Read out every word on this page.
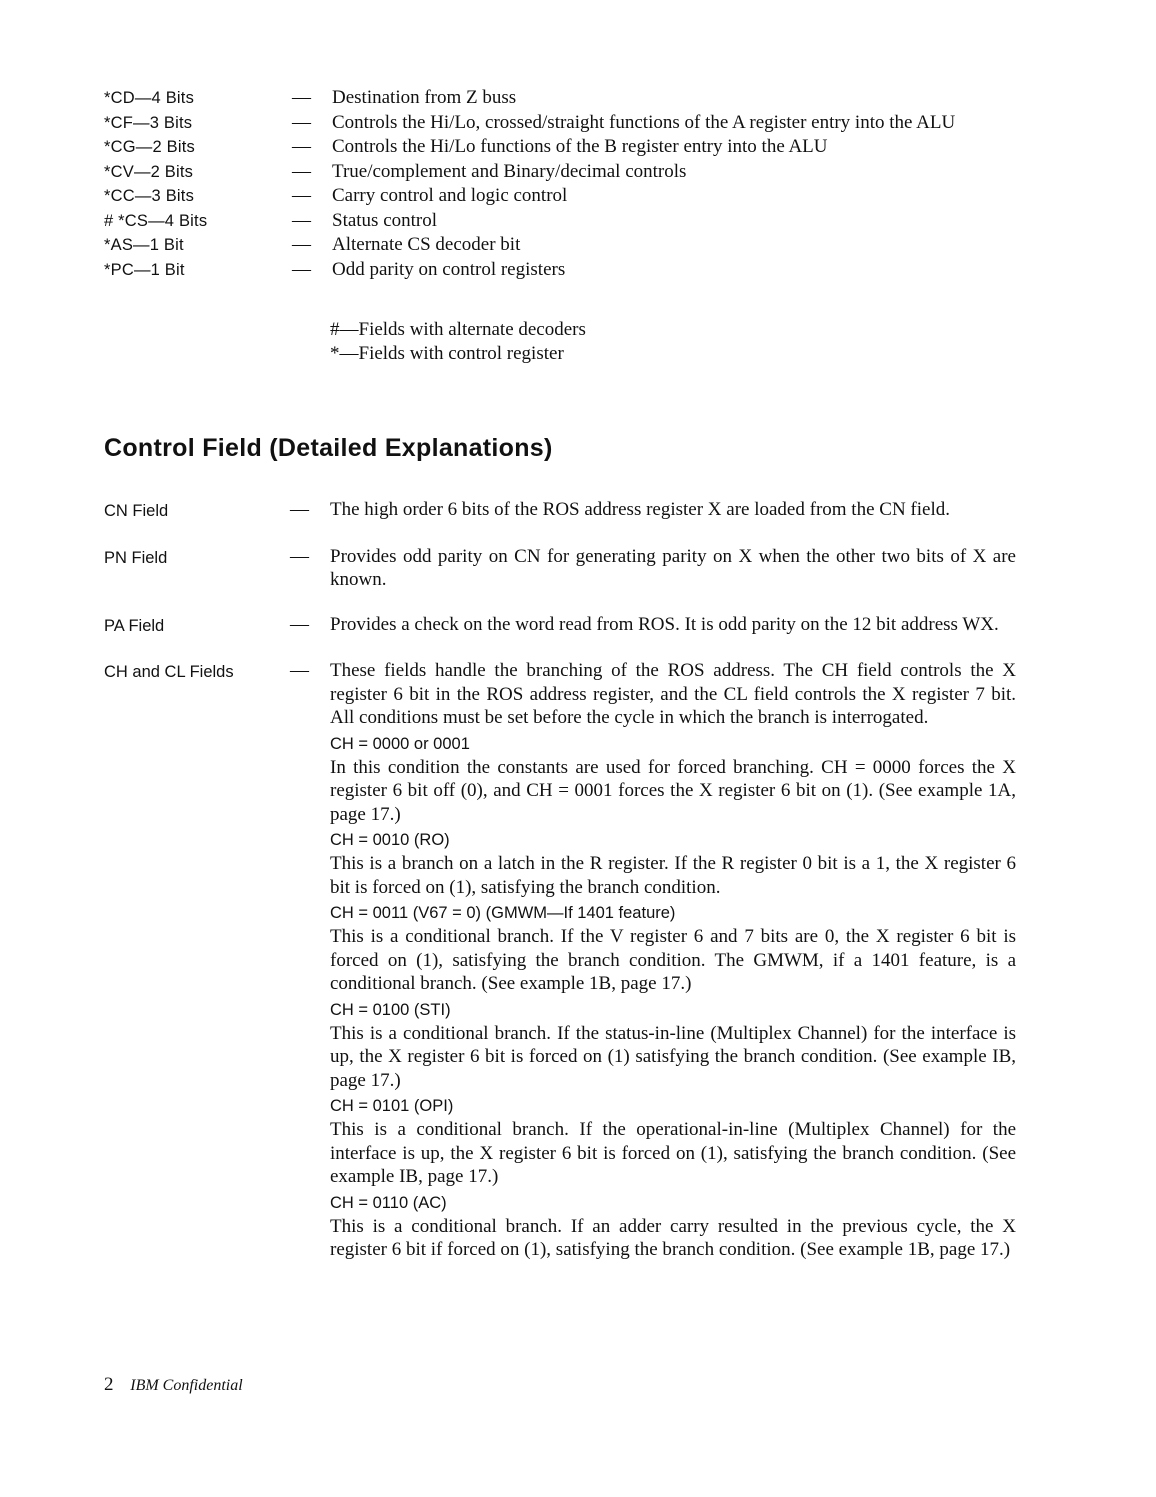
*CD—4 Bits	—	Destination from Z buss
*CF—3 Bits	—	Controls the Hi/Lo, crossed/straight functions of the A register entry into the ALU
*CG—2 Bits	—	Controls the Hi/Lo functions of the B register entry into the ALU
*CV—2 Bits	—	True/complement and Binary/decimal controls
*CC—3 Bits	—	Carry control and logic control
# *CS—4 Bits	—	Status control
*AS—1 Bit	—	Alternate CS decoder bit
*PC—1 Bit	—	Odd parity on control registers
#—Fields with alternate decoders
*—Fields with control register
Control Field (Detailed Explanations)
CN Field	—	The high order 6 bits of the ROS address register X are loaded from the CN field.
PN Field	—	Provides odd parity on CN for generating parity on X when the other two bits of X are known.
PA Field	—	Provides a check on the word read from ROS. It is odd parity on the 12 bit address WX.
CH and CL Fields	—	These fields handle the branching of the ROS address. The CH field controls the X register 6 bit in the ROS address register, and the CL field controls the X register 7 bit. All conditions must be set before the cycle in which the branch is interrogated.
CH = 0000 or 0001
In this condition the constants are used for forced branching. CH = 0000 forces the X register 6 bit off (0), and CH = 0001 forces the X register 6 bit on (1). (See example 1A, page 17.)
CH = 0010 (RO)
This is a branch on a latch in the R register. If the R register 0 bit is a 1, the X register 6 bit is forced on (1), satisfying the branch condition.
CH = 0011 (V67 = 0) (GMWM—If 1401 feature)
This is a conditional branch. If the V register 6 and 7 bits are 0, the X register 6 bit is forced on (1), satisfying the branch condition. The GMWM, if a 1401 feature, is a conditional branch. (See example 1B, page 17.)
CH = 0100 (STI)
This is a conditional branch. If the status-in-line (Multiplex Channel) for the interface is up, the X register 6 bit is forced on (1) satisfying the branch condition. (See example IB, page 17.)
CH = 0101 (OPI)
This is a conditional branch. If the operational-in-line (Multiplex Channel) for the interface is up, the X register 6 bit is forced on (1), satisfying the branch condition. (See example IB, page 17.)
CH = 0110 (AC)
This is a conditional branch. If an adder carry resulted in the previous cycle, the X register 6 bit if forced on (1), satisfying the branch condition. (See example 1B, page 17.)
2 IBM Confidential
